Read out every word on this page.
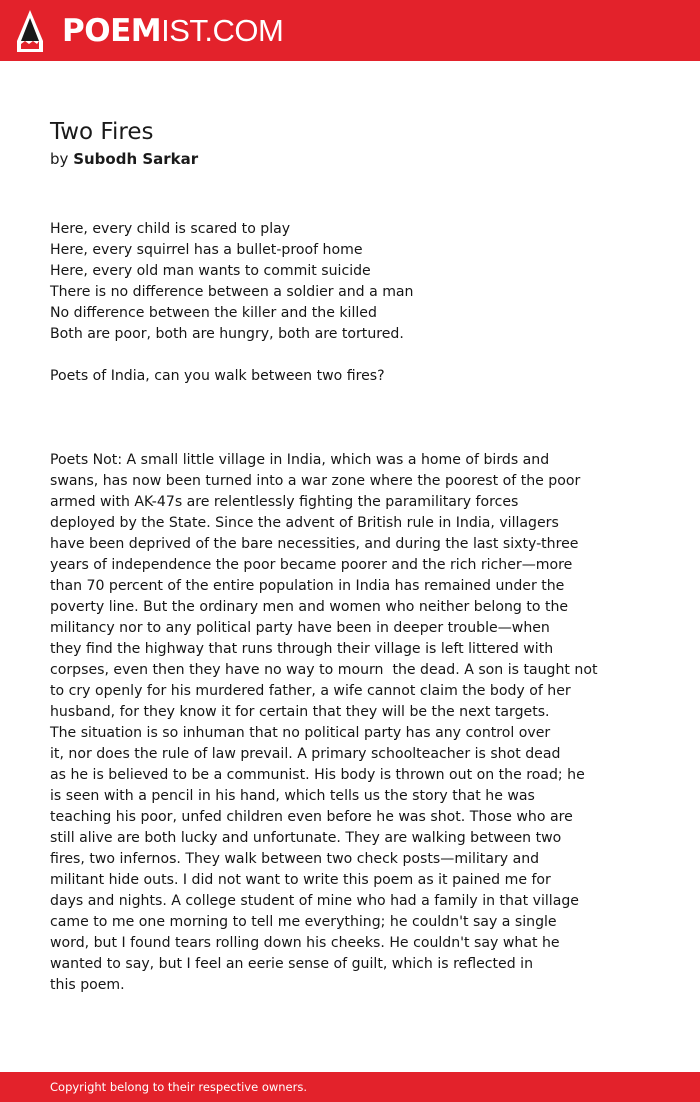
POEMIST.COM
Two Fires
by Subodh Sarkar
Here, every child is scared to play
Here, every squirrel has a bullet-proof home
Here, every old man wants to commit suicide
There is no difference between a soldier and a man
No difference between the killer and the killed
Both are poor, both are hungry, both are tortured.
Poets of India, can you walk between two fires?
Poets Not: A small little village in India, which was a home of birds and
swans, has now been turned into a war zone where the poorest of the poor
armed with AK-47s are relentlessly fighting the paramilitary forces
deployed by the State. Since the advent of British rule in India, villagers
have been deprived of the bare necessities, and during the last sixty-three
years of independence the poor became poorer and the rich richer—more
than 70 percent of the entire population in India has remained under the
poverty line. But the ordinary men and women who neither belong to the
militancy nor to any political party have been in deeper trouble—when
they find the highway that runs through their village is left littered with
corpses, even then they have no way to mourn  the dead. A son is taught not
to cry openly for his murdered father, a wife cannot claim the body of her
husband, for they know it for certain that they will be the next targets.
The situation is so inhuman that no political party has any control over
it, nor does the rule of law prevail. A primary schoolteacher is shot dead
as he is believed to be a communist. His body is thrown out on the road; he
is seen with a pencil in his hand, which tells us the story that he was
teaching his poor, unfed children even before he was shot. Those who are
still alive are both lucky and unfortunate. They are walking between two
fires, two infernos. They walk between two check posts—military and
militant hide outs. I did not want to write this poem as it pained me for
days and nights. A college student of mine who had a family in that village
came to me one morning to tell me everything; he couldn't say a single
word, but I found tears rolling down his cheeks. He couldn't say what he
wanted to say, but I feel an eerie sense of guilt, which is reflected in
this poem.
Copyright belong to their respective owners.
